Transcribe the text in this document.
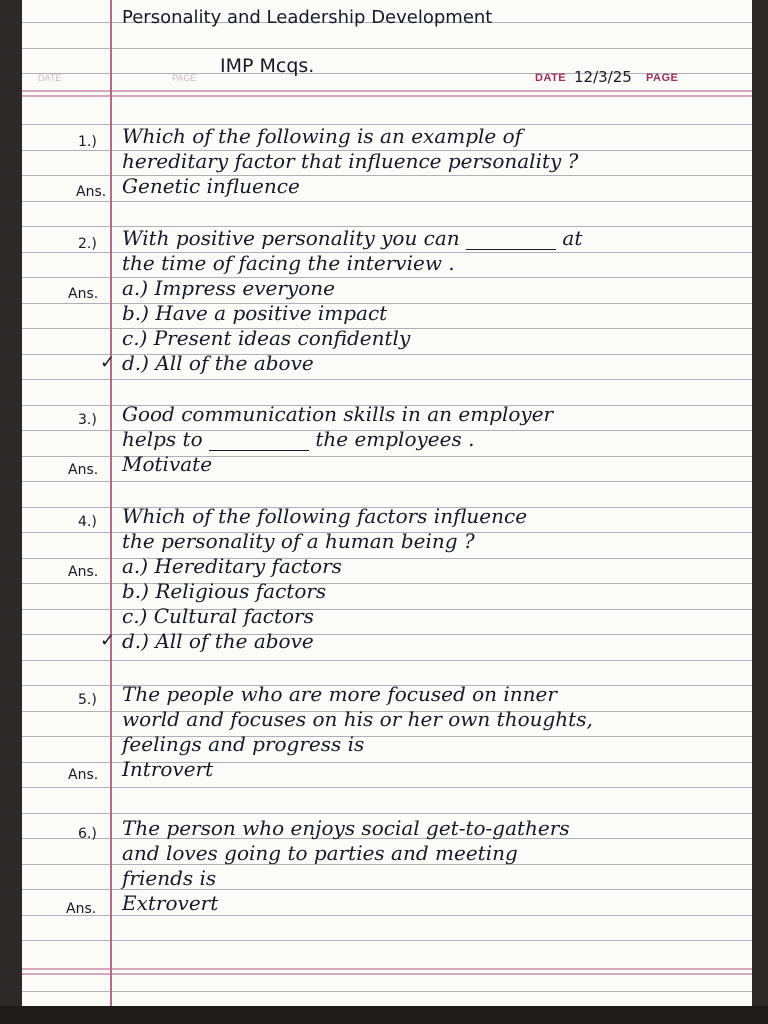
Personality and Leadership Development
IMP Mcqs.
DATE	PAGE	DATE 12/3/25 PAGE
1.) Which of the following is an example of
hereditary factor that influence personality ?
Ans. Genetic influence
2.) With positive personality you can	at
the time of facing the interview .
Ans. a.) Impress everyone
b.) Have a positive impact
c.) Present ideas confidently
✓ d.) All of the above
3.) Good communication skills in an employer
helps to	the employees .
Ans. Motivate
4.) Which of the following factors influence
the personality of a human being ?
Ans. a.) Hereditary factors
b.) Religious factors
c.) Cultural factors
✓ d.) All of the above
5.) The people who are more focused on inner
world and focuses on his or her own thoughts,
feelings and progress is
Ans. Introvert
6.) The person who enjoys social get-to-gathers
and loves going to parties and meeting
friends is
Ans. Extrovert
